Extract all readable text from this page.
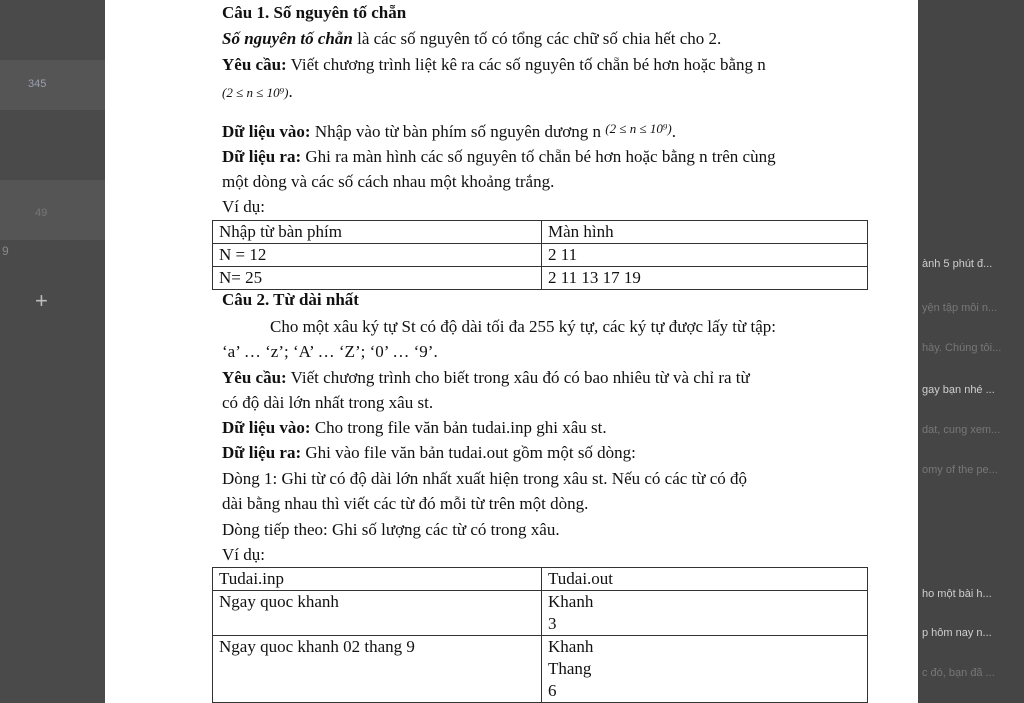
345
49
9
+
ành 5 phút đ...
yện tập mỗi n...
hày. Chúng tôi...
gay bạn nhé ...
dat, cung xem...
omy of the pe...
ho một bài h...
p hôm nay n...
c đó, bạn đã ...
Câu 1. Số nguyên tố chẵn
Số nguyên tố chẵn là các số nguyên tố có tổng các chữ số chia hết cho 2.
Yêu cầu: Viết chương trình liệt kê ra các số nguyên tố chẵn bé hơn hoặc bằng n
(2 ≤ n ≤ 10⁹).
Dữ liệu vào: Nhập vào từ bàn phím số nguyên dương n $^{(2 \le n \le 10^9)}$.
Dữ liệu ra: Ghi ra màn hình các số nguyên tố chẵn bé hơn hoặc bằng n trên cùng
một dòng và các số cách nhau một khoảng trắng.
Ví dụ:
Nhập từ bàn phím	Màn hình
N = 12	2 11
N= 25	2 11 13 17 19
Câu 2. Từ dài nhất
Cho một xâu ký tự St có độ dài tối đa 255 ký tự, các ký tự được lấy từ tập:
‘a’ … ‘z’; ‘A’ … ‘Z’; ‘0’ … ‘9’.
Yêu cầu: Viết chương trình cho biết trong xâu đó có bao nhiêu từ và chỉ ra từ
có độ dài lớn nhất trong xâu st.
Dữ liệu vào: Cho trong file văn bản tudai.inp ghi xâu st.
Dữ liệu ra: Ghi vào file văn bản tudai.out gồm một số dòng:
Dòng 1: Ghi từ có độ dài lớn nhất xuất hiện trong xâu st. Nếu có các từ có độ
dài bằng nhau thì viết các từ đó mỗi từ trên một dòng.
Dòng tiếp theo: Ghi số lượng các từ có trong xâu.
Ví dụ:
Tudai.inp	Tudai.out
Ngay quoc khanh	Khanh
3

Ngay quoc khanh 02 thang 9	Khanh
Thang
6
